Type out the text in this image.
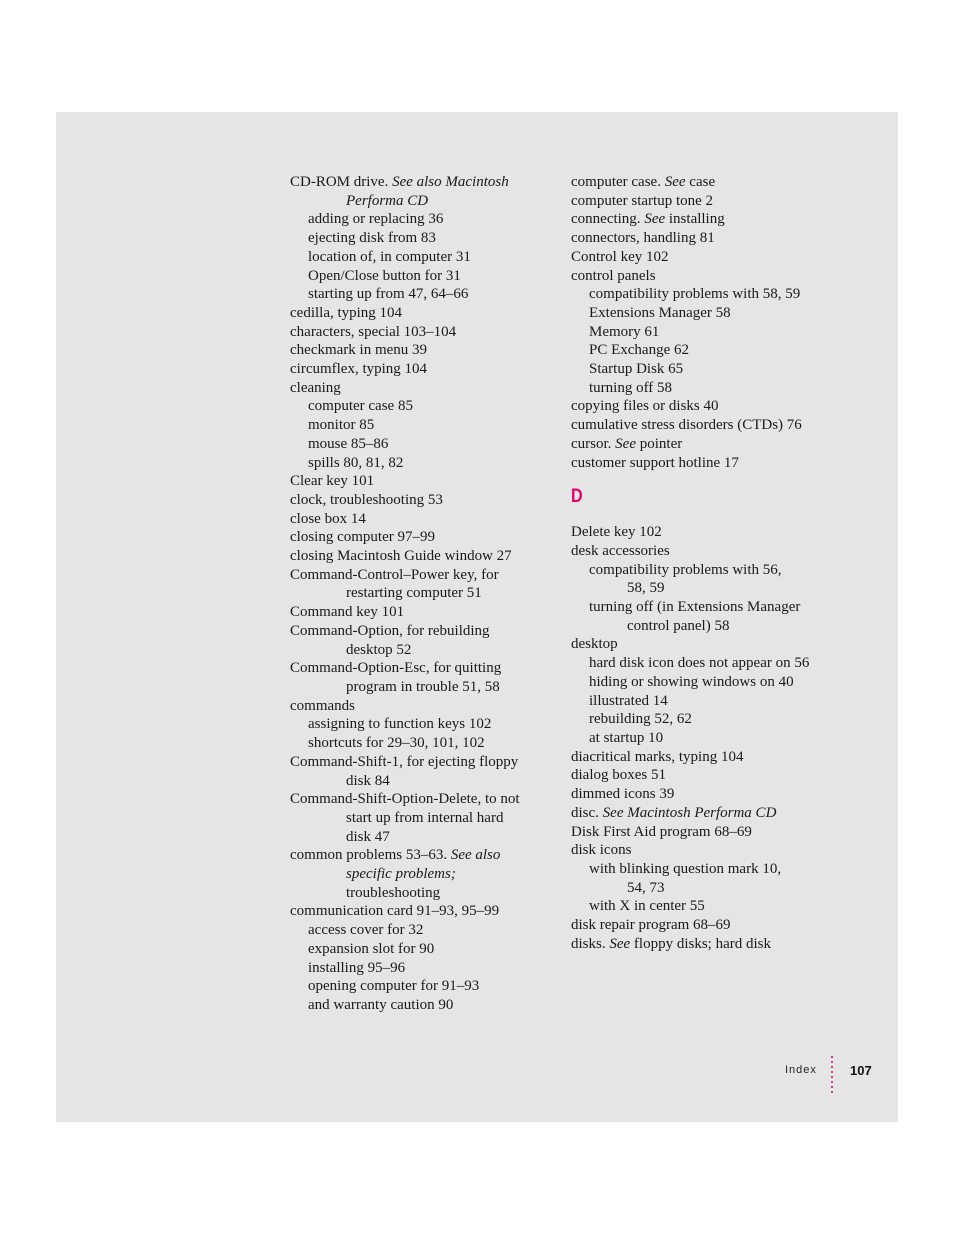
CD-ROM drive. See also Macintosh
Performa CD
adding or replacing 36
ejecting disk from 83
location of, in computer 31
Open/Close button for 31
starting up from 47, 64–66
cedilla, typing 104
characters, special 103–104
checkmark in menu 39
circumflex, typing 104
cleaning
computer case 85
monitor 85
mouse 85–86
spills 80, 81, 82
Clear key 101
clock, troubleshooting 53
close box 14
closing computer 97–99
closing Macintosh Guide window 27
Command-Control–Power key, for
restarting computer 51
Command key 101
Command-Option, for rebuilding
desktop 52
Command-Option-Esc, for quitting
program in trouble 51, 58
commands
assigning to function keys 102
shortcuts for 29–30, 101, 102
Command-Shift-1, for ejecting floppy
disk 84
Command-Shift-Option-Delete, to not
start up from internal hard
disk 47
common problems 53–63. See also
specific problems;
troubleshooting
communication card 91–93, 95–99
access cover for 32
expansion slot for 90
installing 95–96
opening computer for 91–93
and warranty caution 90
computer case. See case
computer startup tone 2
connecting. See installing
connectors, handling 81
Control key 102
control panels
compatibility problems with 58, 59
Extensions Manager 58
Memory 61
PC Exchange 62
Startup Disk 65
turning off 58
copying files or disks 40
cumulative stress disorders (CTDs) 76
cursor. See pointer
customer support hotline 17
D
Delete key 102
desk accessories
compatibility problems with 56,
58, 59
turning off (in Extensions Manager
control panel) 58
desktop
hard disk icon does not appear on 56
hiding or showing windows on 40
illustrated 14
rebuilding 52, 62
at startup 10
diacritical marks, typing 104
dialog boxes 51
dimmed icons 39
disc. See Macintosh Performa CD
Disk First Aid program 68–69
disk icons
with blinking question mark 10,
54, 73
with X in center 55
disk repair program 68–69
disks. See floppy disks; hard disk
Index	107
